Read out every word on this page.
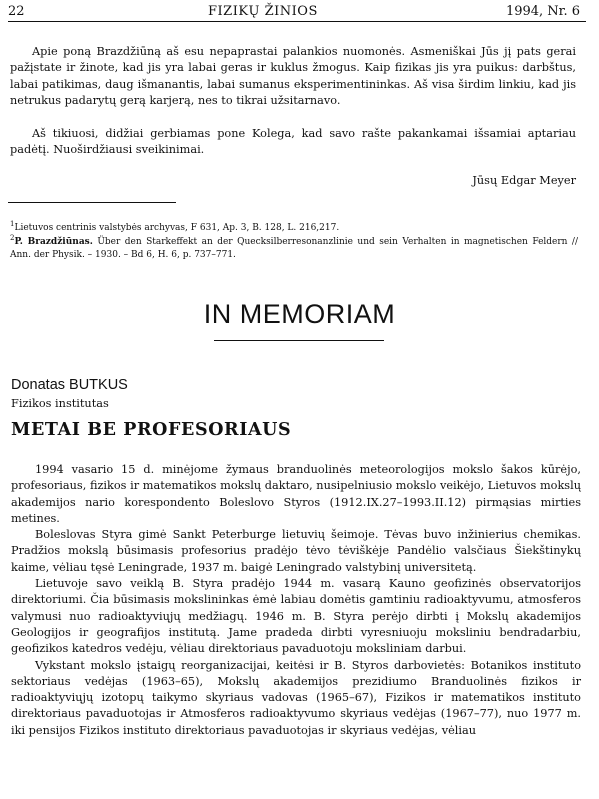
22	FIZIKŲ ŽINIOS	1994, Nr. 6

Apie poną Brazdžiūną aš esu nepaprastai palankios nuomonės. Asmeniškai Jūs jį pats gerai pažįstate ir žinote, kad jis yra labai geras ir kuklus žmogus. Kaip fizikas jis yra puikus: darbštus, labai patikimas, daug išmanantis, labai sumanus eksperimentininkas. Aš visa širdim linkiu, kad jis netrukus padarytų gerą karjerą, nes to tikrai užsitarnavo.

Aš tikiuosi, didžiai gerbiamas pone Kolega, kad savo rašte pakankamai išsamiai aptariau padėtį. Nuoširdžiausi sveikinimai.

Jūsų Edgar Meyer

$^1$Lietuvos centrinis valstybės archyvas, F 631, Ap. 3, B. 128, L. 216,217.

$^2$P. Brazdžiūnas. Über den Starkeffekt an der Quecksilberresonanzlinie und sein Verhalten in magnetischen Feldern // Ann. der Physik. – 1930. – Bd 6, H. 6, p. 737–771.

IN MEMORIAM
Donatas BUTKUS
Fizikos institutas
METAI BE PROFESORIAUS

1994 vasario 15 d. minėjome žymaus branduolinės meteorologijos mokslo šakos kūrėjo, profesoriaus, fizikos ir matematikos mokslų daktaro, nusipelniusio mokslo veikėjo, Lietuvos mokslų akademijos nario korespondento Boleslovo Styros (1912.IX.27–1993.II.12) pirmąsias mirties metines.

Boleslovas Styra gimė Sankt Peterburge lietuvių šeimoje. Tėvas buvo inžinierius chemikas. Pradžios mokslą būsimasis profesorius pradėjo tėvo tėviškėje Pandėlio valsčiaus Šiekštinykų kaime, vėliau tęsė Leningrade, 1937 m. baigė Leningrado valstybinį universitetą.

Lietuvoje savo veiklą B. Styra pradėjo 1944 m. vasarą Kauno geofizinės observatorijos direktoriumi. Čia būsimasis mokslininkas ėmė labiau domėtis gamtiniu radioaktyvumu, atmosferos valymusi nuo radioaktyviųjų medžiagų. 1946 m. B. Styra perėjo dirbti į Mokslų akademijos Geologijos ir geografijos institutą. Jame pradeda dirbti vyresniuoju moksliniu bendradarbiu, geofizikos katedros vedėju, vėliau direktoriaus pavaduotoju moksliniam darbui.

Vykstant mokslo įstaigų reorganizacijai, keitėsi ir B. Styros darbovietės: Botanikos instituto sektoriaus vedėjas (1963–65), Mokslų akademijos prezidiumo Branduolinės fizikos ir radioaktyviųjų izotopų taikymo skyriaus vadovas (1965–67), Fizikos ir matematikos instituto direktoriaus pavaduotojas ir Atmosferos radioaktyvumo skyriaus vedėjas (1967–77), nuo 1977 m. iki pensijos Fizikos instituto direktoriaus pavaduotojas ir skyriaus vedėjas, vėliau
